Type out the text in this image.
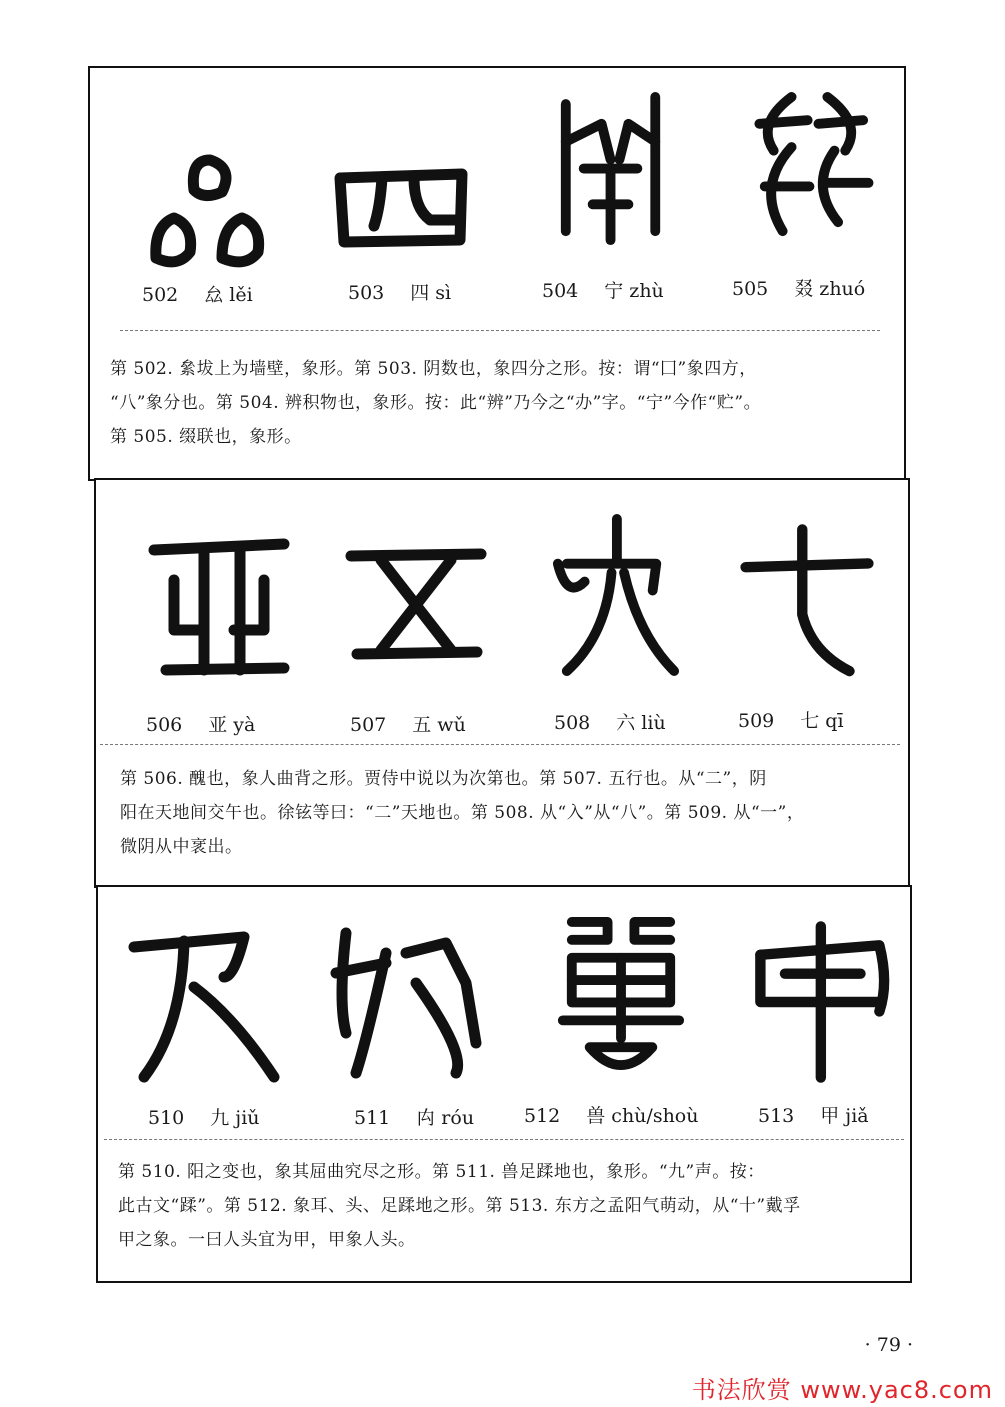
502 厽 lěi	503 四 sì	504 宁 zhù	505 叕 zhuó

第 502. 絫坺上为墙壁，象形。第 503. 阴数也，象四分之形。按：谓“囗”象四方，

“八”象分也。第 504. 辨积物也，象形。按：此“辨”乃今之“办”字。“宁”今作“贮”。

第 505. 缀联也，象形。

506 亚 yà	507 五 wǔ	508 六 liù	509 七 qī

第 506. 醜也，象人曲背之形。贾侍中说以为次第也。第 507. 五行也。从“二”，阴

阳在天地间交午也。徐铉等曰：“二”天地也。第 508. 从“入”从“八”。第 509. 从“一”，

微阴从中衺出。

510 九 jiǔ	511 禸 róu	512 兽 chù/shoù	513 甲 jiǎ

第 510. 阳之变也，象其屈曲究尽之形。第 511. 兽足蹂地也，象形。“九”声。按：

此古文“蹂”。第 512. 象耳、头、足蹂地之形。第 513. 东方之孟阳气萌动，从“十”戴孚

甲之象。一曰人头宜为甲，甲象人头。

· 79 ·
书法欣赏 www.yac8.com
